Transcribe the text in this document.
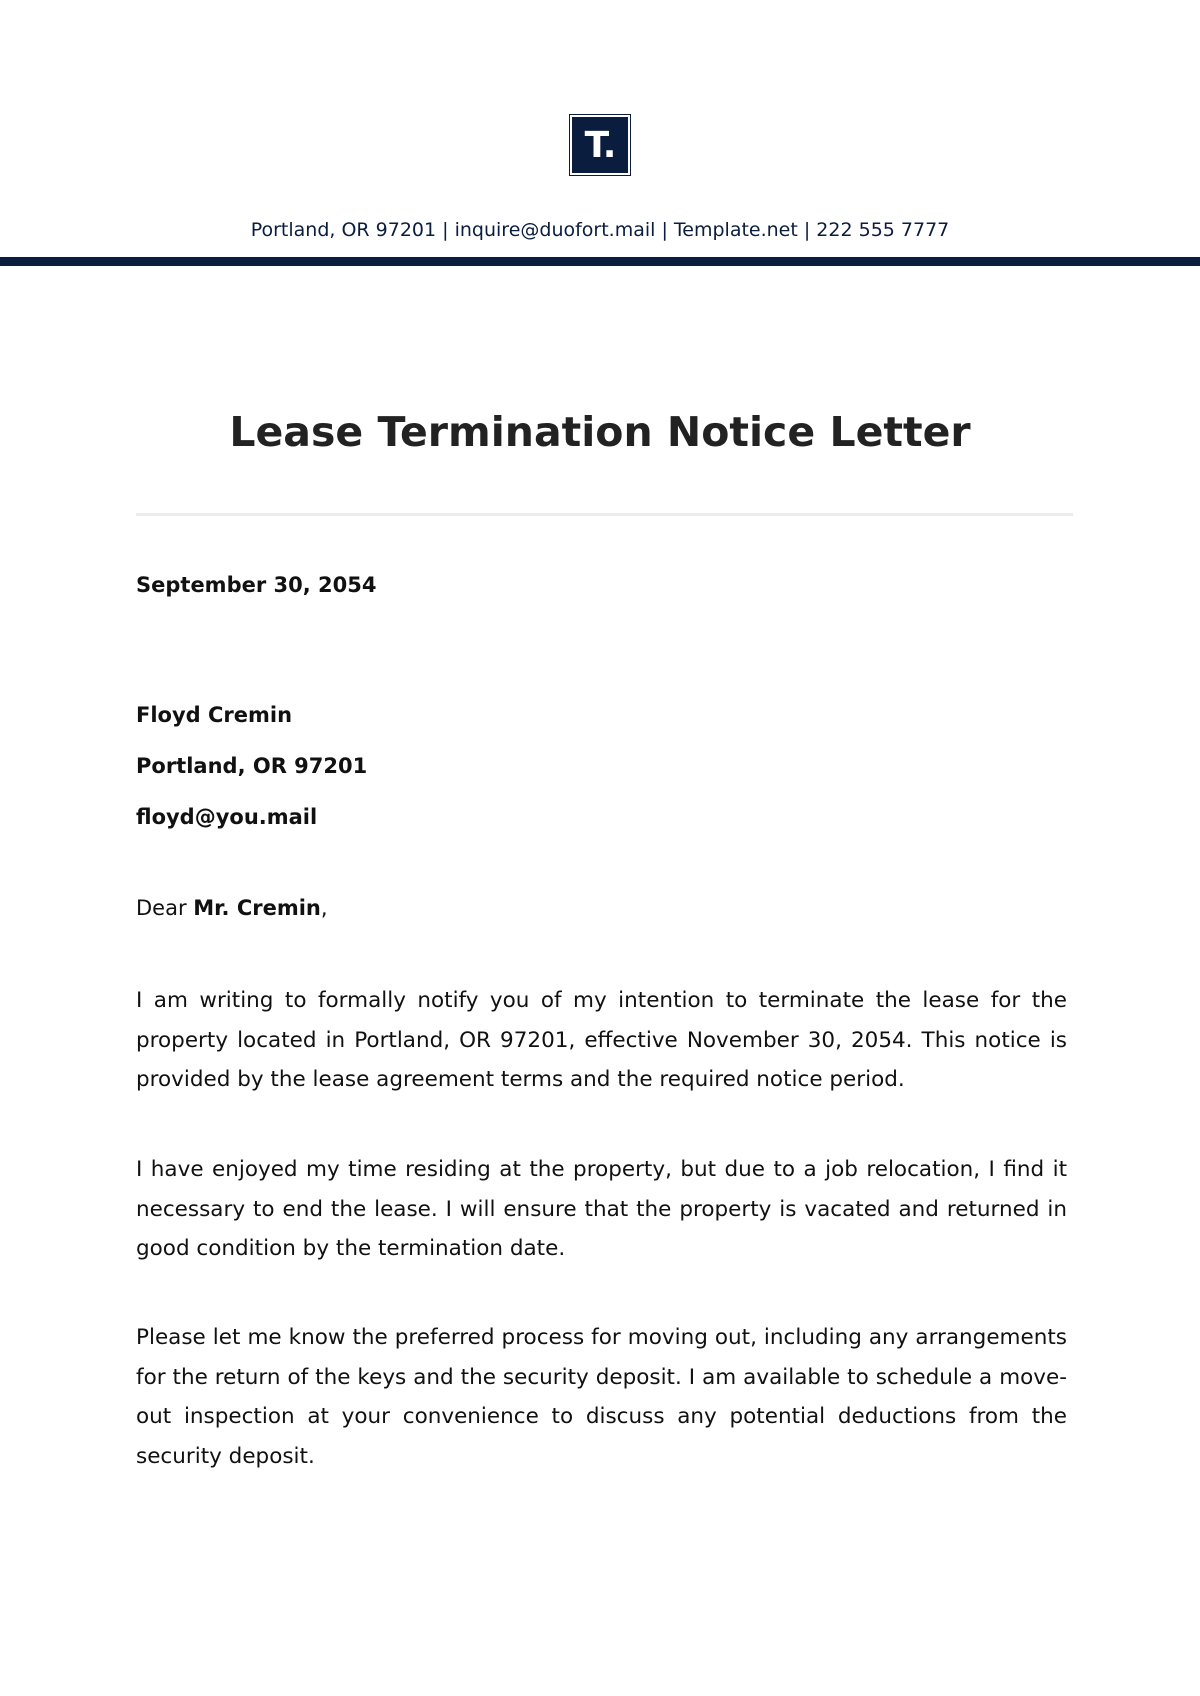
T.
Portland, OR 97201 | inquire@duofort.mail | Template.net | 222 555 7777
Lease Termination Notice Letter
September 30, 2054
Floyd Cremin
Portland, OR 97201
floyd@you.mail
Dear Mr. Cremin,
I am writing to formally notify you of my intention to terminate the lease for the property located in Portland, OR 97201, effective November 30, 2054. This notice is provided by the lease agreement terms and the required notice period.
I have enjoyed my time residing at the property, but due to a job relocation, I find it necessary to end the lease. I will ensure that the property is vacated and returned in good condition by the termination date.
Please let me know the preferred process for moving out, including any arrangements for the return of the keys and the security deposit. I am available to schedule a move-out inspection at your convenience to discuss any potential deductions from the security deposit.
